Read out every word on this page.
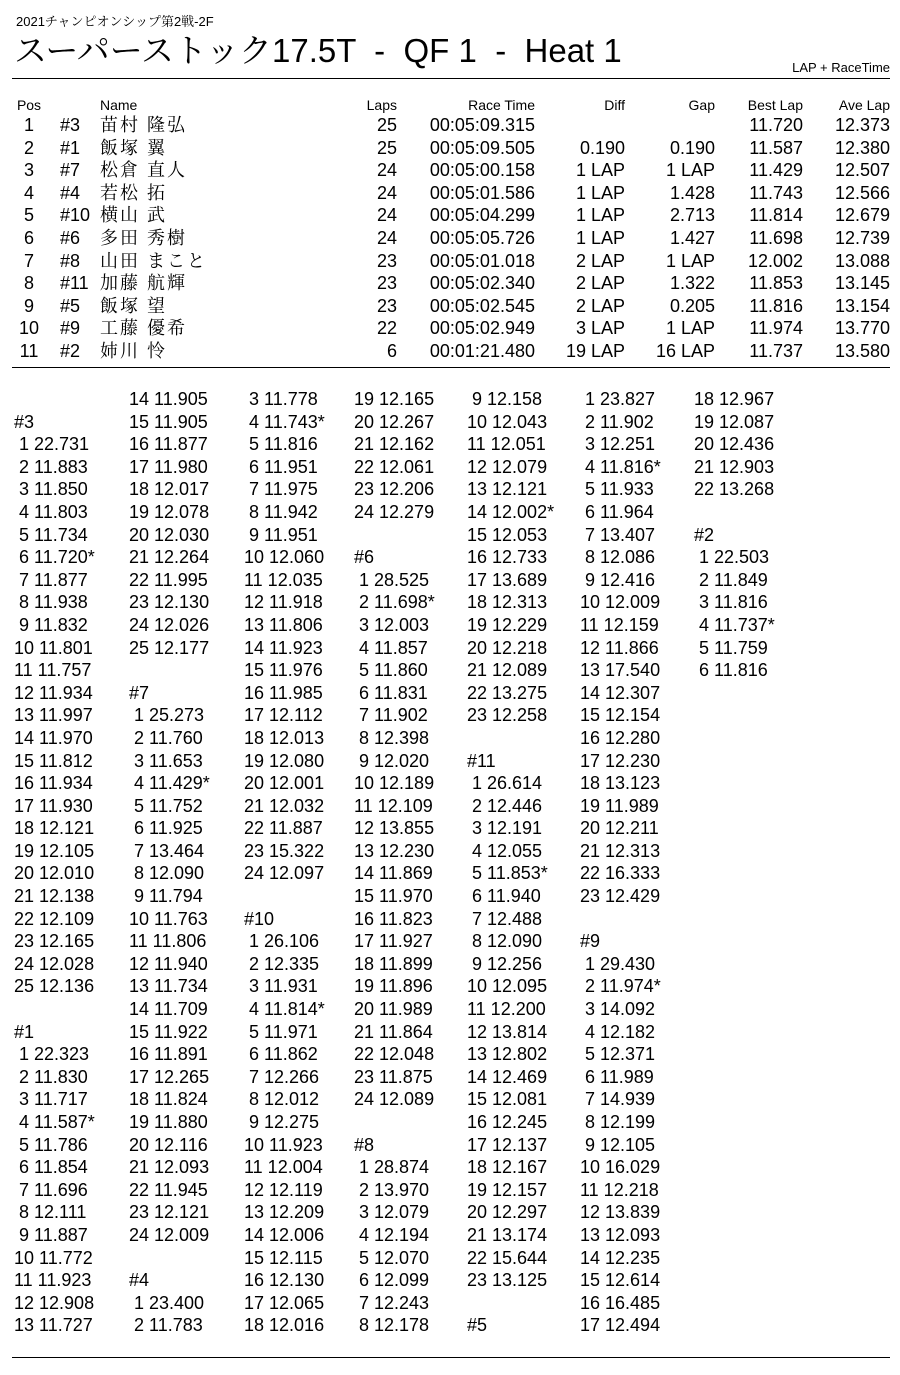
2021チャンピオンシップ第2戦-2F
スーパーストック17.5T  -  QF 1  -  Heat 1	LAP + RaceTime
Pos		Name	Laps	Race Time	Diff	Gap	Best Lap	Ave Lap
1	#3	苗村 隆弘	25	00:05:09.315			11.720	12.373
2	#1	飯塚 翼	25	00:05:09.505	0.190	0.190	11.587	12.380
3	#7	松倉 直人	24	00:05:00.158	1 LAP	1 LAP	11.429	12.507
4	#4	若松 拓	24	00:05:01.586	1 LAP	1.428	11.743	12.566
5	#10	横山 武	24	00:05:04.299	1 LAP	2.713	11.814	12.679
6	#6	多田 秀樹	24	00:05:05.726	1 LAP	1.427	11.698	12.739
7	#8	山田 まこと	23	00:05:01.018	2 LAP	1 LAP	12.002	13.088
8	#11	加藤 航輝	23	00:05:02.340	2 LAP	1.322	11.853	13.145
9	#5	飯塚 望	23	00:05:02.545	2 LAP	0.205	11.816	13.154
10	#9	工藤 優希	22	00:05:02.949	3 LAP	1 LAP	11.974	13.770
11	#2	姉川 怜	6	00:01:21.480	19 LAP	16 LAP	11.737	13.580
#3
1 22.731
2 11.883
3 11.850
4 11.803
5 11.734
6 11.720*
7 11.877
8 11.938
9 11.832
10 11.801
11 11.757
12 11.934
13 11.997
14 11.970
15 11.812
16 11.934
17 11.930
18 12.121
19 12.105
20 12.010
21 12.138
22 12.109
23 12.165
24 12.028
25 12.136
#1
1 22.323
2 11.830
3 11.717
4 11.587*
5 11.786
6 11.854
7 11.696
8 12.111
9 11.887
10 11.772
11 11.923
12 12.908
13 11.727
14 11.905
15 11.905
16 11.877
17 11.980
18 12.017
19 12.078
20 12.030
21 12.264
22 11.995
23 12.130
24 12.026
25 12.177
#7
1 25.273
2 11.760
3 11.653
4 11.429*
5 11.752
6 11.925
7 13.464
8 12.090
9 11.794
10 11.763
11 11.806
12 11.940
13 11.734
14 11.709
15 11.922
16 11.891
17 12.265
18 11.824
19 11.880
20 12.116
21 12.093
22 11.945
23 12.121
24 12.009
#4
1 23.400
2 11.783
3 11.778
4 11.743*
5 11.816
6 11.951
7 11.975
8 11.942
9 11.951
10 12.060
11 12.035
12 11.918
13 11.806
14 11.923
15 11.976
16 11.985
17 12.112
18 12.013
19 12.080
20 12.001
21 12.032
22 11.887
23 15.322
24 12.097
#10
1 26.106
2 12.335
3 11.931
4 11.814*
5 11.971
6 11.862
7 12.266
8 12.012
9 12.275
10 11.923
11 12.004
12 12.119
13 12.209
14 12.006
15 12.115
16 12.130
17 12.065
18 12.016
19 12.165
20 12.267
21 12.162
22 12.061
23 12.206
24 12.279
#6
1 28.525
2 11.698*
3 12.003
4 11.857
5 11.860
6 11.831
7 11.902
8 12.398
9 12.020
10 12.189
11 12.109
12 13.855
13 12.230
14 11.869
15 11.970
16 11.823
17 11.927
18 11.899
19 11.896
20 11.989
21 11.864
22 12.048
23 11.875
24 12.089
#8
1 28.874
2 13.970
3 12.079
4 12.194
5 12.070
6 12.099
7 12.243
8 12.178
9 12.158
10 12.043
11 12.051
12 12.079
13 12.121
14 12.002*
15 12.053
16 12.733
17 13.689
18 12.313
19 12.229
20 12.218
21 12.089
22 13.275
23 12.258
#11
1 26.614
2 12.446
3 12.191
4 12.055
5 11.853*
6 11.940
7 12.488
8 12.090
9 12.256
10 12.095
11 12.200
12 13.814
13 12.802
14 12.469
15 12.081
16 12.245
17 12.137
18 12.167
19 12.157
20 12.297
21 13.174
22 15.644
23 13.125
#5
1 23.827
2 11.902
3 12.251
4 11.816*
5 11.933
6 11.964
7 13.407
8 12.086
9 12.416
10 12.009
11 12.159
12 11.866
13 17.540
14 12.307
15 12.154
16 12.280
17 12.230
18 13.123
19 11.989
20 12.211
21 12.313
22 16.333
23 12.429
#9
1 29.430
2 11.974*
3 14.092
4 12.182
5 12.371
6 11.989
7 14.939
8 12.199
9 12.105
10 16.029
11 12.218
12 13.839
13 12.093
14 12.235
15 12.614
16 16.485
17 12.494
18 12.967
19 12.087
20 12.436
21 12.903
22 13.268
#2
1 22.503
2 11.849
3 11.816
4 11.737*
5 11.759
6 11.816
